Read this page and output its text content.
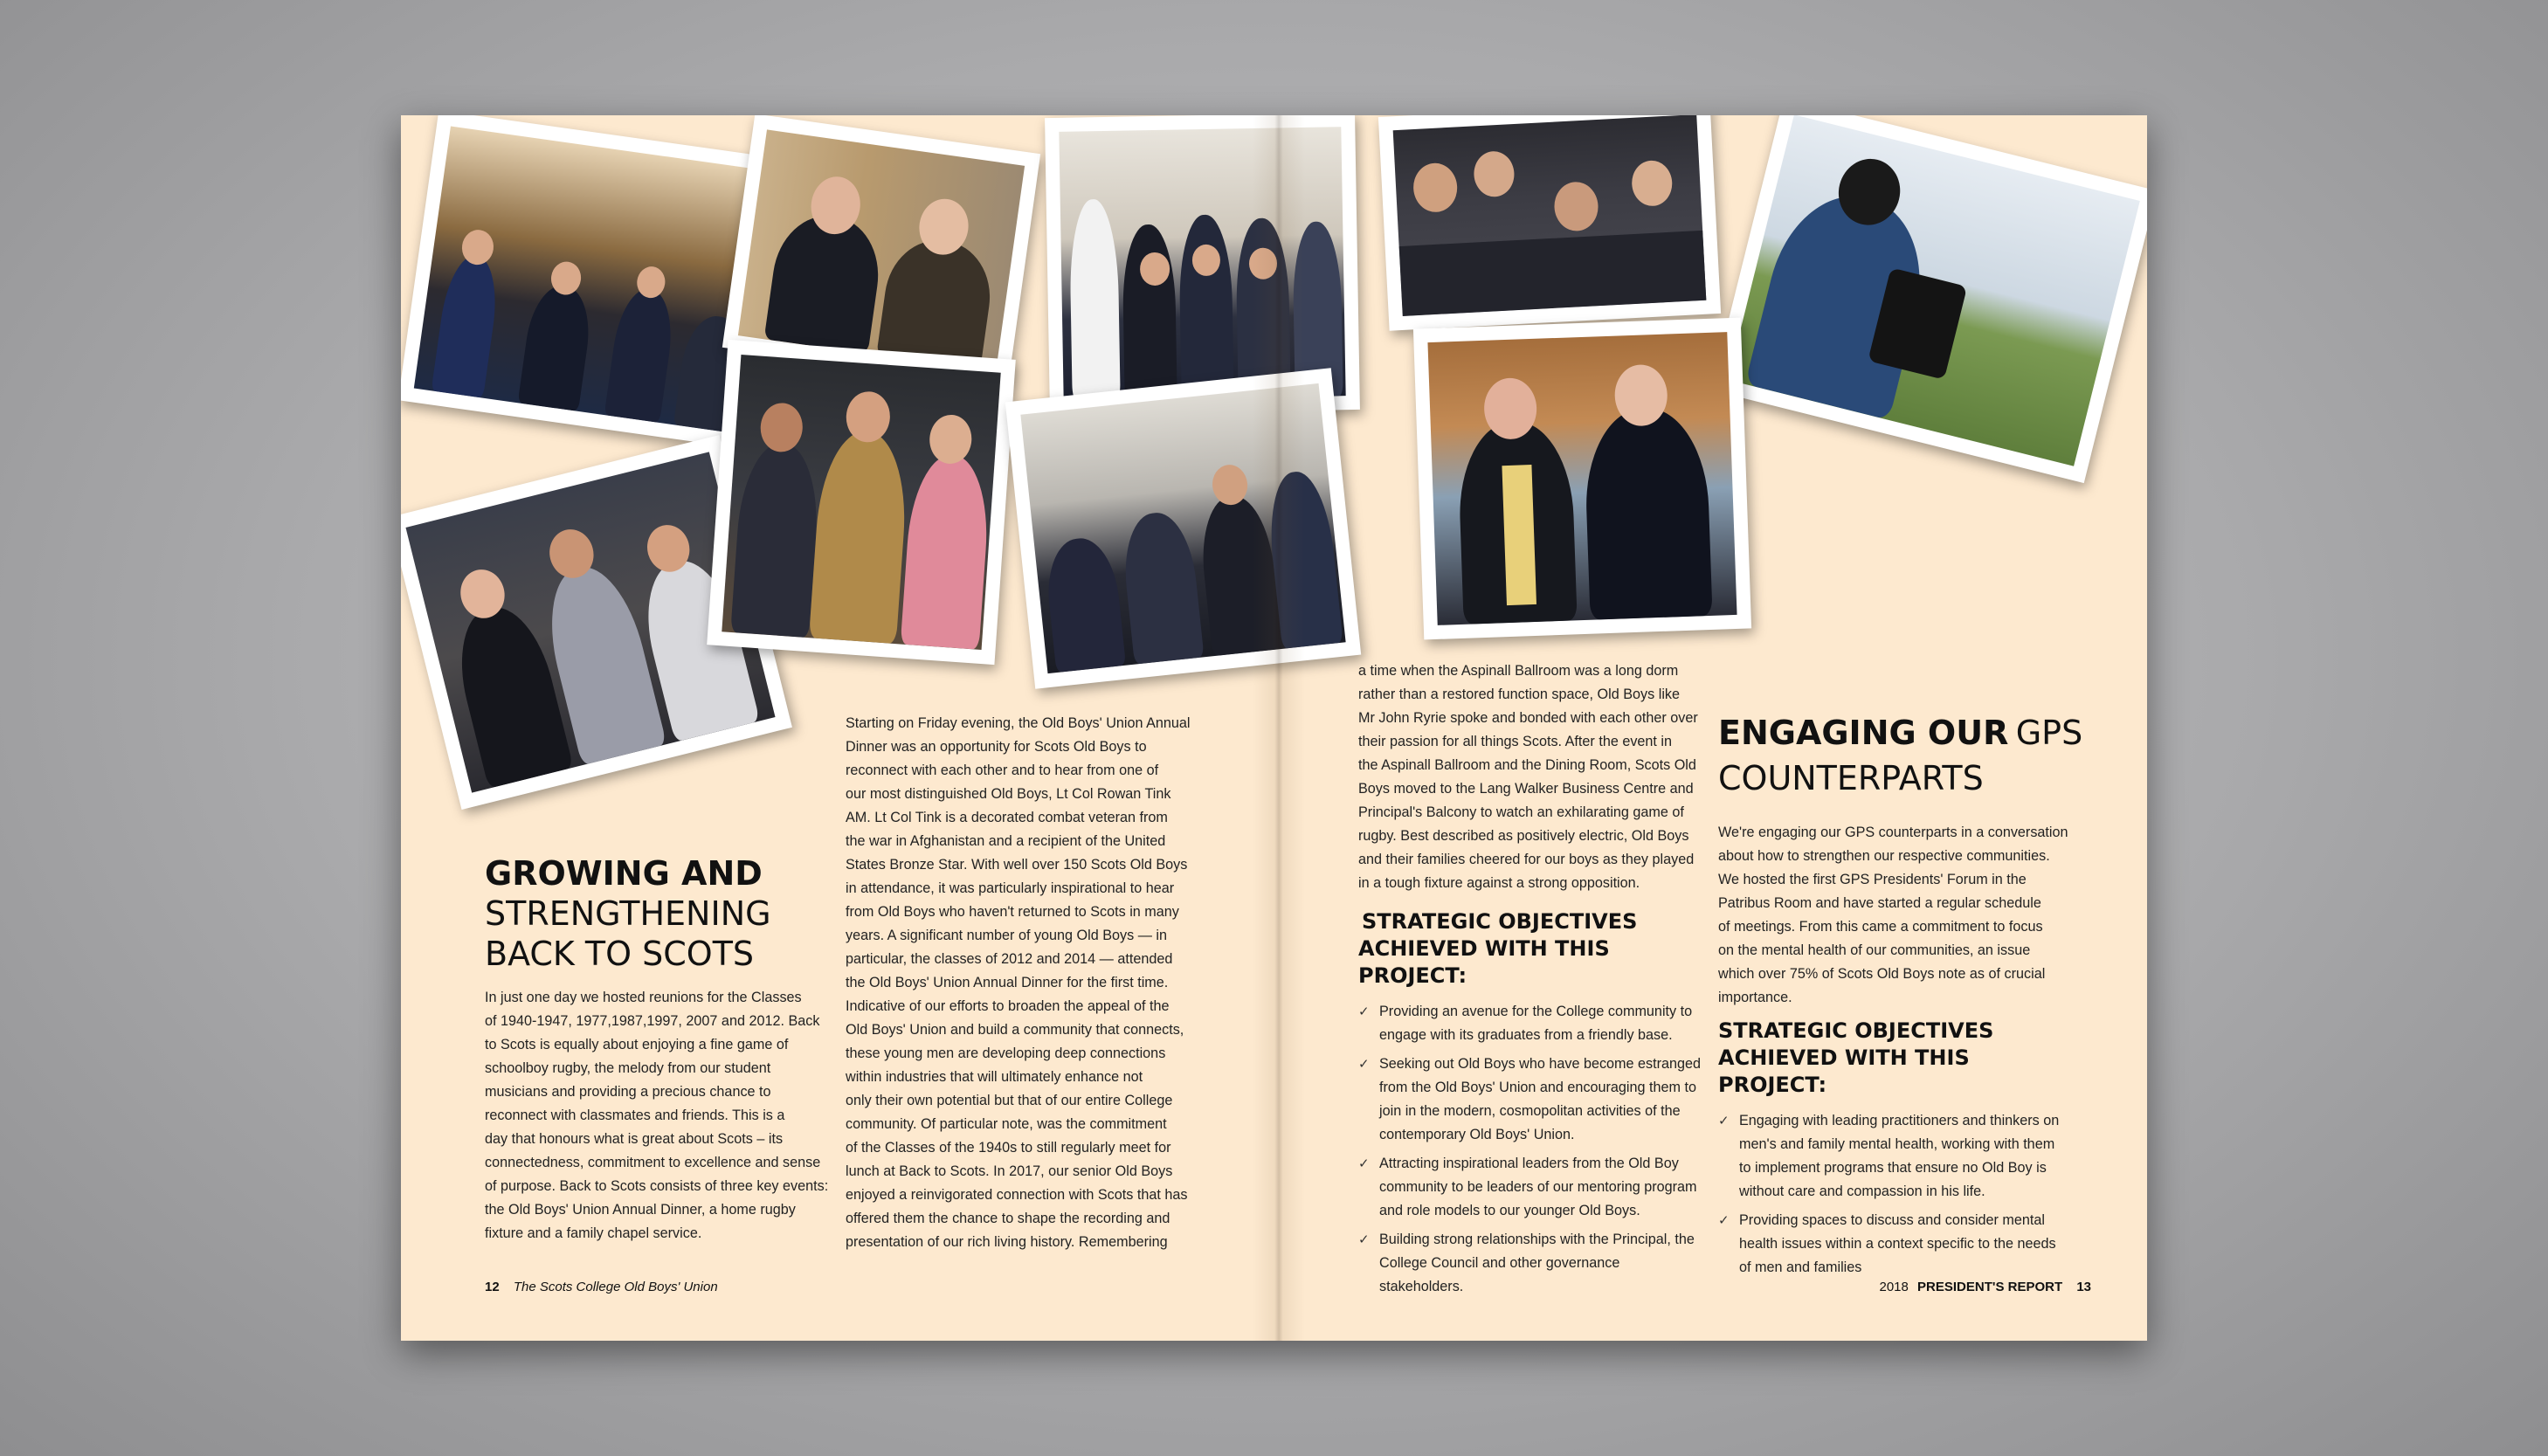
GROWING AND
STRENGTHENING
BACK TO SCOTS
In just one day we hosted reunions for the Classes
of 1940-1947, 1977,1987,1997, 2007 and 2012. Back
to Scots is equally about enjoying a fine game of
schoolboy rugby, the melody from our student
musicians and providing a precious chance to
reconnect with classmates and friends. This is a
day that honours what is great about Scots – its
connectedness, commitment to excellence and sense
of purpose. Back to Scots consists of three key events:
the Old Boys' Union Annual Dinner, a home rugby
fixture and a family chapel service.
Starting on Friday evening, the Old Boys' Union Annual
Dinner was an opportunity for Scots Old Boys to
reconnect with each other and to hear from one of
our most distinguished Old Boys, Lt Col Rowan Tink
AM. Lt Col Tink is a decorated combat veteran from
the war in Afghanistan and a recipient of the United
States Bronze Star. With well over 150 Scots Old Boys
in attendance, it was particularly inspirational to hear
from Old Boys who haven't returned to Scots in many
years. A significant number of young Old Boys — in
particular, the classes of 2012 and 2014 — attended
the Old Boys' Union Annual Dinner for the first time.
Indicative of our efforts to broaden the appeal of the
Old Boys' Union and build a community that connects,
these young men are developing deep connections
within industries that will ultimately enhance not
only their own potential but that of our entire College
community. Of particular note, was the commitment
of the Classes of the 1940s to still regularly meet for
lunch at Back to Scots. In 2017, our senior Old Boys
enjoyed a reinvigorated connection with Scots that has
offered them the chance to shape the recording and
presentation of our rich living history. Remembering
12 The Scots College Old Boys' Union
a time when the Aspinall Ballroom was a long dorm
rather than a restored function space, Old Boys like
Mr John Ryrie spoke and bonded with each other over
their passion for all things Scots. After the event in
the Aspinall Ballroom and the Dining Room, Scots Old
Boys moved to the Lang Walker Business Centre and
Principal's Balcony to watch an exhilarating game of
rugby. Best described as positively electric, Old Boys
and their families cheered for our boys as they played
in a tough fixture against a strong opposition.
STRATEGIC OBJECTIVES
ACHIEVED WITH THIS PROJECT:
✓ Providing an avenue for the College community to engage with its graduates from a friendly base.
✓ Seeking out Old Boys who have become estranged from the Old Boys' Union and encouraging them to join in the modern, cosmopolitan activities of the contemporary Old Boys' Union.
✓ Attracting inspirational leaders from the Old Boy community to be leaders of our mentoring program and role models to our younger Old Boys.
✓ Building strong relationships with the Principal, the College Council and other governance stakeholders.
ENGAGING OUR GPS
COUNTERPARTS
We're engaging our GPS counterparts in a conversation
about how to strengthen our respective communities.
We hosted the first GPS Presidents' Forum in the
Patribus Room and have started a regular schedule
of meetings. From this came a commitment to focus
on the mental health of our communities, an issue
which over 75% of Scots Old Boys note as of crucial
importance.
STRATEGIC OBJECTIVES
ACHIEVED WITH THIS PROJECT:
✓ Engaging with leading practitioners and thinkers on men's and family mental health, working with them to implement programs that ensure no Old Boy is without care and compassion in his life.
✓ Providing spaces to discuss and consider mental health issues within a context specific to the needs of men and families
2018 PRESIDENT'S REPORT 13
